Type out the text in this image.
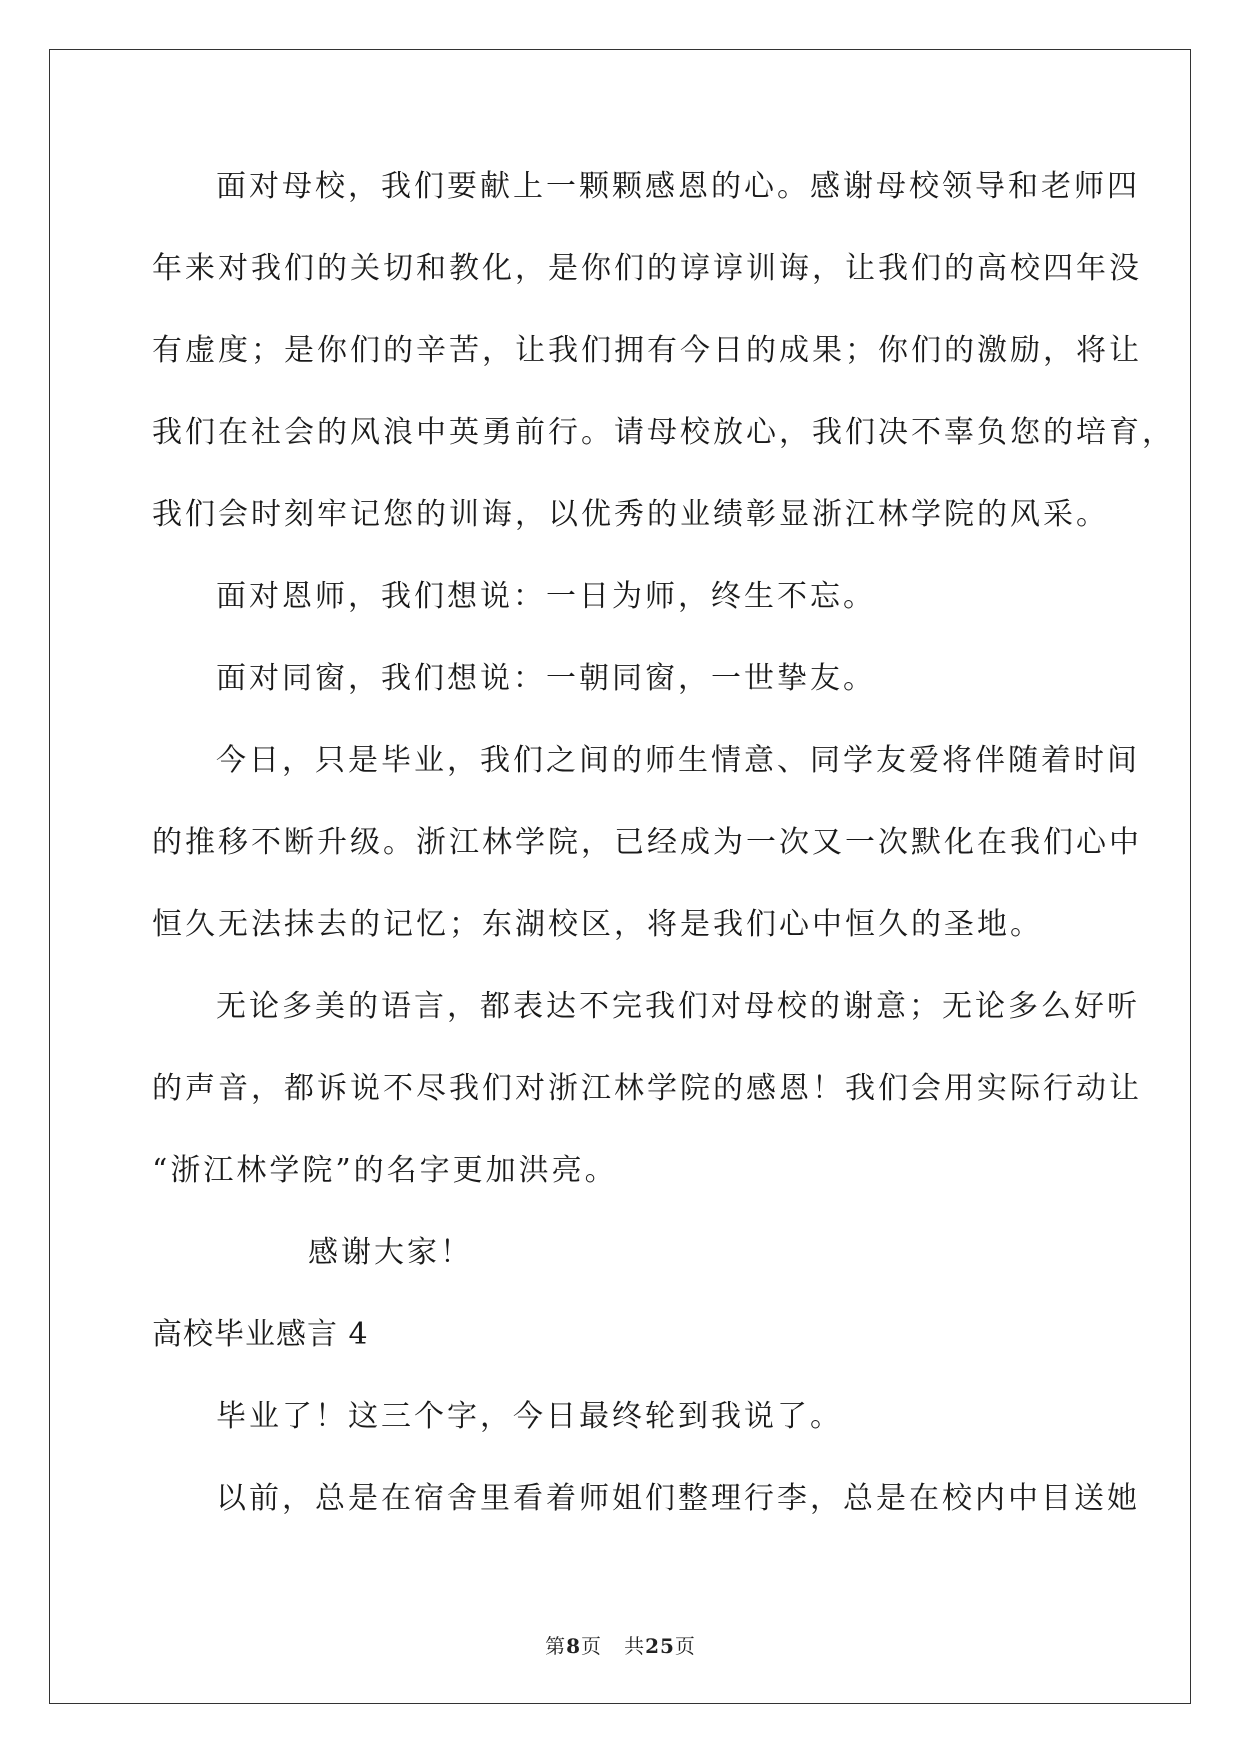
面对母校，我们要献上一颗颗感恩的心。感谢母校领导和老师四
年来对我们的关切和教化，是你们的谆谆训诲，让我们的高校四年没
有虚度；是你们的辛苦，让我们拥有今日的成果；你们的激励，将让
我们在社会的风浪中英勇前行。请母校放心，我们决不辜负您的培育，
我们会时刻牢记您的训诲，以优秀的业绩彰显浙江林学院的风采。
面对恩师，我们想说：一日为师，终生不忘。
面对同窗，我们想说：一朝同窗，一世挚友。
今日，只是毕业，我们之间的师生情意、同学友爱将伴随着时间
的推移不断升级。浙江林学院，已经成为一次又一次默化在我们心中
恒久无法抹去的记忆；东湖校区，将是我们心中恒久的圣地。
无论多美的语言，都表达不完我们对母校的谢意；无论多么好听
的声音，都诉说不尽我们对浙江林学院的感恩！我们会用实际行动让
“浙江林学院”的名字更加洪亮。
感谢大家！
高校毕业感言 4
毕业了！这三个字，今日最终轮到我说了。
以前，总是在宿舍里看着师姐们整理行李，总是在校内中目送她
第8页 共25页
